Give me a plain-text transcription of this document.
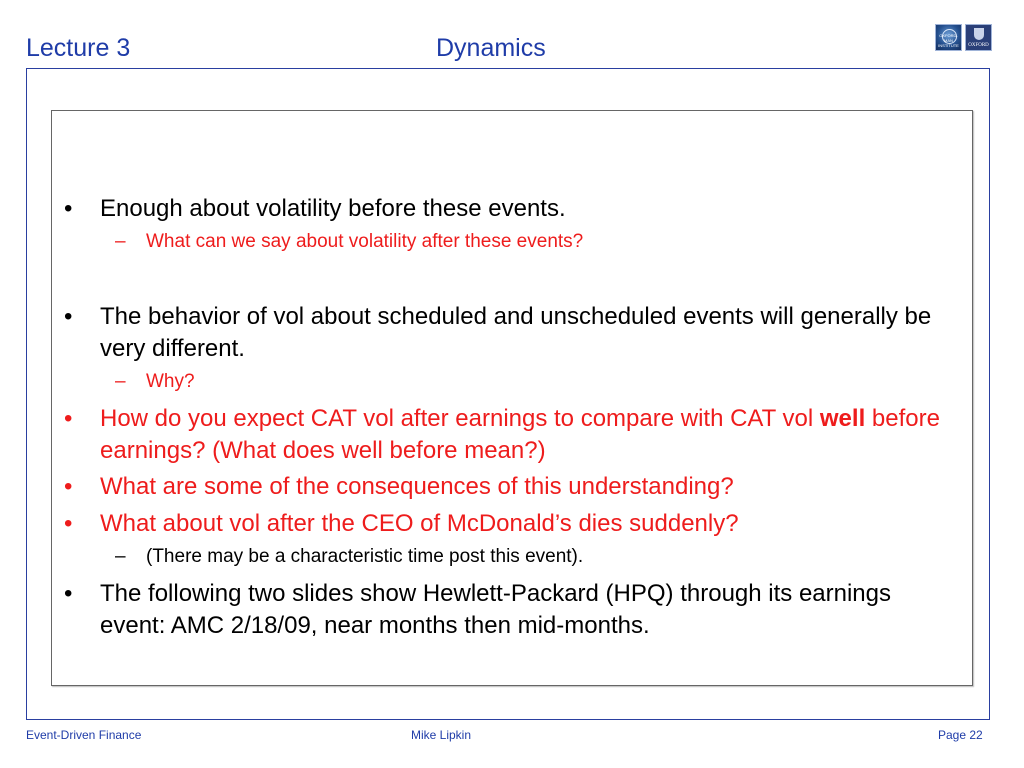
Lecture 3	Dynamics	OXFORD-MAN INSTITUTE	OXFORD
• Enough about volatility before these events.
– What can we say about volatility after these events?
• The behavior of vol about scheduled and unscheduled events will generally be very different.
– Why?
• How do you expect CAT vol after earnings to compare with CAT vol well before earnings? (What does well before mean?)
• What are some of the consequences of this understanding?
• What about vol after the CEO of McDonald’s dies suddenly?
– (There may be a characteristic time post this event).
• The following two slides show Hewlett-Packard (HPQ) through its earnings event: AMC 2/18/09, near months then mid-months.
Event-Driven Finance	Mike Lipkin	Page 22
